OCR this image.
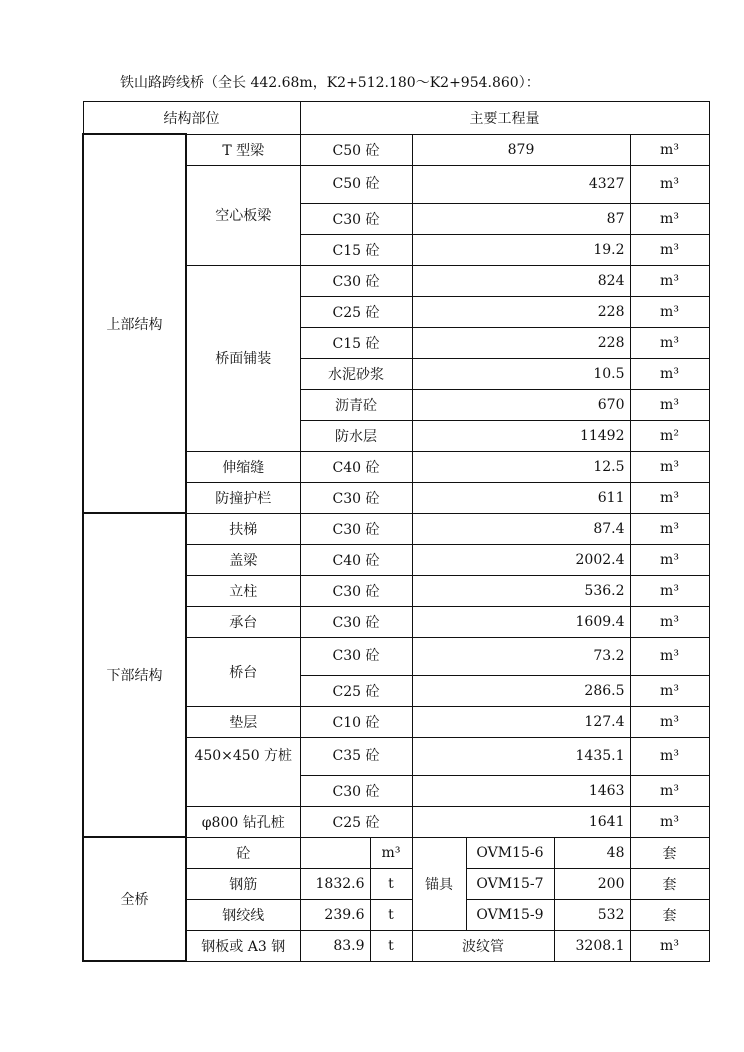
铁山路跨线桥（全长 442.68m，K2+512.180～K2+954.860）：
结构部位		主要工程量					
上部结构	T 型梁	C50 砼		879			m³
	空心板梁	C50 砼		4327			m³
		C30 砼		87			m³
		C15 砼		19.2			m³
	桥面铺装	C30 砼		824			m³
		C25 砼		228			m³
		C15 砼		228			m³
		水泥砂浆		10.5			m³
		沥青砼		670			m³
		防水层		11492			m²
	伸缩缝	C40 砼		12.5			m³
	防撞护栏	C30 砼		611			m³
下部结构	扶梯	C30 砼		87.4			m³
	盖梁	C40 砼		2002.4			m³
	立柱	C30 砼		536.2			m³
	承台	C30 砼		1609.4			m³
	桥台	C30 砼		73.2			m³
		C25 砼		286.5			m³
	垫层	C10 砼		127.4			m³
	450×450 方桩	C35 砼		1435.1			m³
		C30 砼		1463			m³
	φ800 钻孔桩	C25 砼		1641			m³
全桥	砼		m³	锚具	OVM15-6	48	套
	钢筋	1832.6	t		OVM15-7	200	套
	钢绞线	239.6	t		OVM15-9	532	套
	钢板或 A3 钢	83.9	t	波纹管		3208.1	m³
